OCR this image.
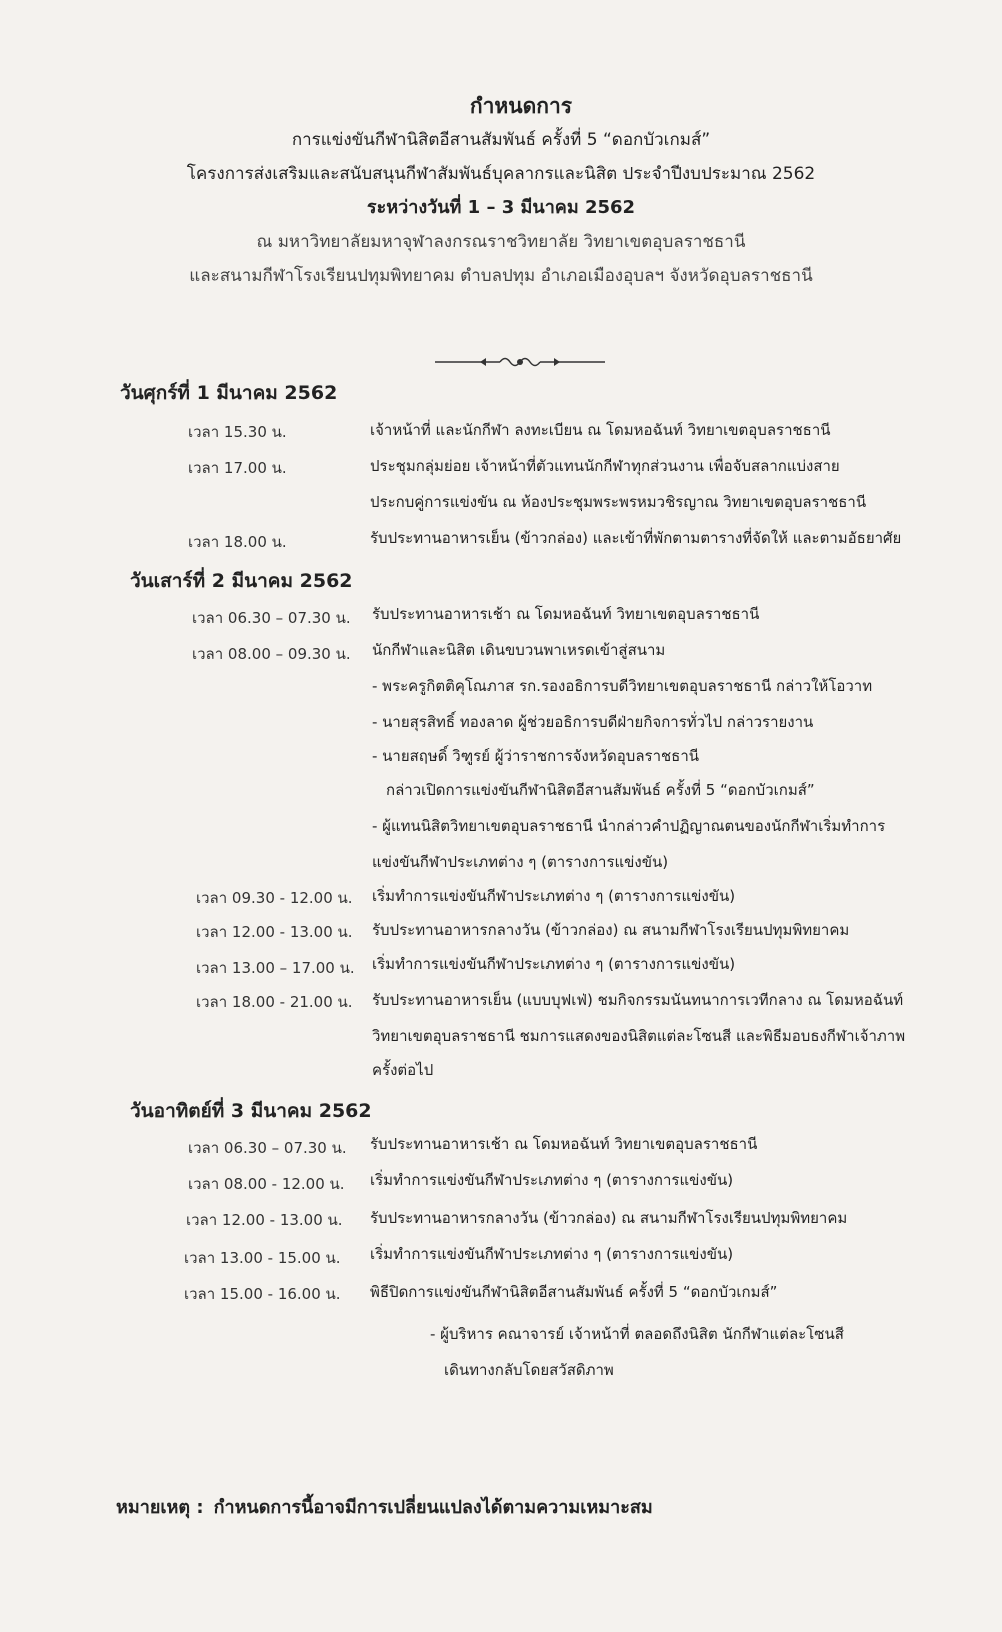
กำหนดการ
การแข่งขันกีฬานิสิตอีสานสัมพันธ์ ครั้งที่ 5 “ดอกบัวเกมส์”
โครงการส่งเสริมและสนับสนุนกีฬาสัมพันธ์บุคลากรและนิสิต ประจำปีงบประมาณ 2562
ระหว่างวันที่ 1 – 3 มีนาคม 2562
ณ มหาวิทยาลัยมหาจุฬาลงกรณราชวิทยาลัย วิทยาเขตอุบลราชธานี
และสนามกีฬาโรงเรียนปทุมพิทยาคม ตำบลปทุม อำเภอเมืองอุบลฯ จังหวัดอุบลราชธานี
วันศุกร์ที่ 1 มีนาคม 2562
เวลา 15.30 น.	เจ้าหน้าที่ และนักกีฬา ลงทะเบียน ณ โดมหอฉันท์ วิทยาเขตอุบลราชธานี
เวลา 17.00 น.	ประชุมกลุ่มย่อย เจ้าหน้าที่ตัวแทนนักกีฬาทุกส่วนงาน เพื่อจับสลากแบ่งสาย
ประกบคู่การแข่งขัน ณ ห้องประชุมพระพรหมวชิรญาณ วิทยาเขตอุบลราชธานี
เวลา 18.00 น.	รับประทานอาหารเย็น (ข้าวกล่อง) และเข้าที่พักตามตารางที่จัดให้ และตามอัธยาศัย
วันเสาร์ที่ 2 มีนาคม 2562
เวลา 06.30 – 07.30 น. รับประทานอาหารเช้า ณ โดมหอฉันท์ วิทยาเขตอุบลราชธานี
เวลา 08.00 – 09.30 น. นักกีฬาและนิสิต เดินขบวนพาเหรดเข้าสู่สนาม
- พระครูกิตติคุโณภาส รก.รองอธิการบดีวิทยาเขตอุบลราชธานี กล่าวให้โอวาท
- นายสุรสิทธิ์ ทองลาด ผู้ช่วยอธิการบดีฝ่ายกิจการทั่วไป กล่าวรายงาน
- นายสฤษดิ์ วิฑูรย์ ผู้ว่าราชการจังหวัดอุบลราชธานี
กล่าวเปิดการแข่งขันกีฬานิสิตอีสานสัมพันธ์ ครั้งที่ 5 “ดอกบัวเกมส์”
- ผู้แทนนิสิตวิทยาเขตอุบลราชธานี นำกล่าวคำปฏิญาณตนของนักกีฬาเริ่มทำการ
แข่งขันกีฬาประเภทต่าง ๆ (ตารางการแข่งขัน)
เวลา 09.30 - 12.00 น. เริ่มทำการแข่งขันกีฬาประเภทต่าง ๆ (ตารางการแข่งขัน)
เวลา 12.00 - 13.00 น. รับประทานอาหารกลางวัน (ข้าวกล่อง) ณ สนามกีฬาโรงเรียนปทุมพิทยาคม
เวลา 13.00 – 17.00 น. เริ่มทำการแข่งขันกีฬาประเภทต่าง ๆ (ตารางการแข่งขัน)
เวลา 18.00 - 21.00 น. รับประทานอาหารเย็น (แบบบุฟเฟ่) ชมกิจกรรมนันทนาการเวทีกลาง ณ โดมหอฉันท์
วิทยาเขตอุบลราชธานี ชมการแสดงของนิสิตแต่ละโซนสี และพิธีมอบธงกีฬาเจ้าภาพ
ครั้งต่อไป
วันอาทิตย์ที่ 3 มีนาคม 2562
เวลา 06.30 – 07.30 น. รับประทานอาหารเช้า ณ โดมหอฉันท์ วิทยาเขตอุบลราชธานี
เวลา 08.00 - 12.00 น. เริ่มทำการแข่งขันกีฬาประเภทต่าง ๆ (ตารางการแข่งขัน)
เวลา 12.00 - 13.00 น. รับประทานอาหารกลางวัน (ข้าวกล่อง) ณ สนามกีฬาโรงเรียนปทุมพิทยาคม
เวลา 13.00 - 15.00 น. เริ่มทำการแข่งขันกีฬาประเภทต่าง ๆ (ตารางการแข่งขัน)
เวลา 15.00 - 16.00 น. พิธีปิดการแข่งขันกีฬานิสิตอีสานสัมพันธ์ ครั้งที่ 5 “ดอกบัวเกมส์”
- ผู้บริหาร คณาจารย์ เจ้าหน้าที่ ตลอดถึงนิสิต นักกีฬาแต่ละโซนสี
เดินทางกลับโดยสวัสดิภาพ
หมายเหตุ : กำหนดการนี้อาจมีการเปลี่ยนแปลงได้ตามความเหมาะสม
